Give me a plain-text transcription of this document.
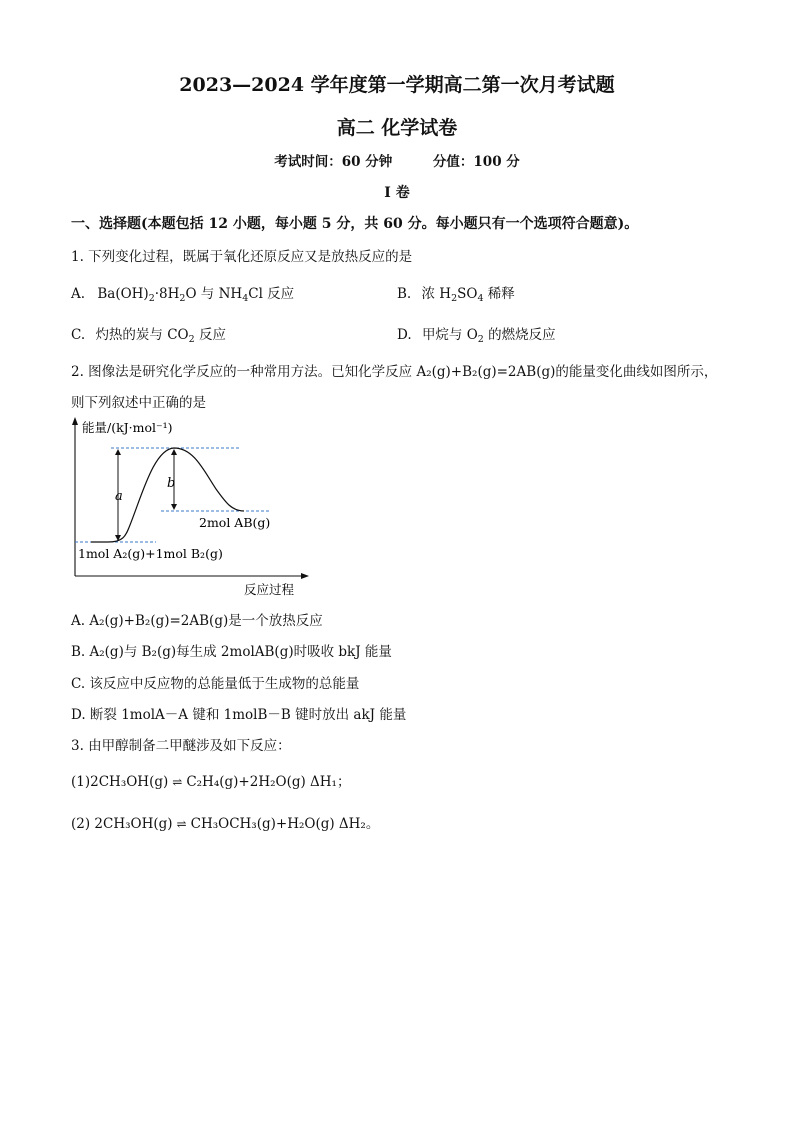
2023—2024 学年度第一学期高二第一次月考试题
高二 化学试卷
考试时间：60 分钟	分值：100 分
I 卷
一、选择题(本题包括 12 小题，每小题 5 分，共 60 分。每小题只有一个选项符合题意)。
1. 下列变化过程，既属于氧化还原反应又是放热反应的是
A. $Ba(OH)_2\cdot 8H_2O$ 与 $NH_4Cl$ 反应	B. 浓 $H_2SO_4$ 稀释
C. 灼热的炭与 $CO_2$ 反应	D. 甲烷与 $O_2$ 的燃烧反应
2. 图像法是研究化学反应的一种常用方法。已知化学反应 A₂(g)+B₂(g)=2AB(g)的能量变化曲线如图所示，
则下列叙述中正确的是
a
b
能量/(kJ·mol⁻¹)
2mol AB(g)
1mol A₂(g)+1mol B₂(g)
反应过程
A. A₂(g)+B₂(g)=2AB(g)是一个放热反应
B. A₂(g)与 B₂(g)每生成 2molAB(g)时吸收 bkJ 能量
C. 该反应中反应物的总能量低于生成物的总能量
D. 断裂 1molA－A 键和 1molB－B 键时放出 akJ 能量
3. 由甲醇制备二甲醚涉及如下反应：
(1)2CH₃OH(g) ⇌ C₂H₄(g)+2H₂O(g) ΔH₁；
(2) 2CH₃OH(g) ⇌ CH₃OCH₃(g)+H₂O(g) ΔH₂。
